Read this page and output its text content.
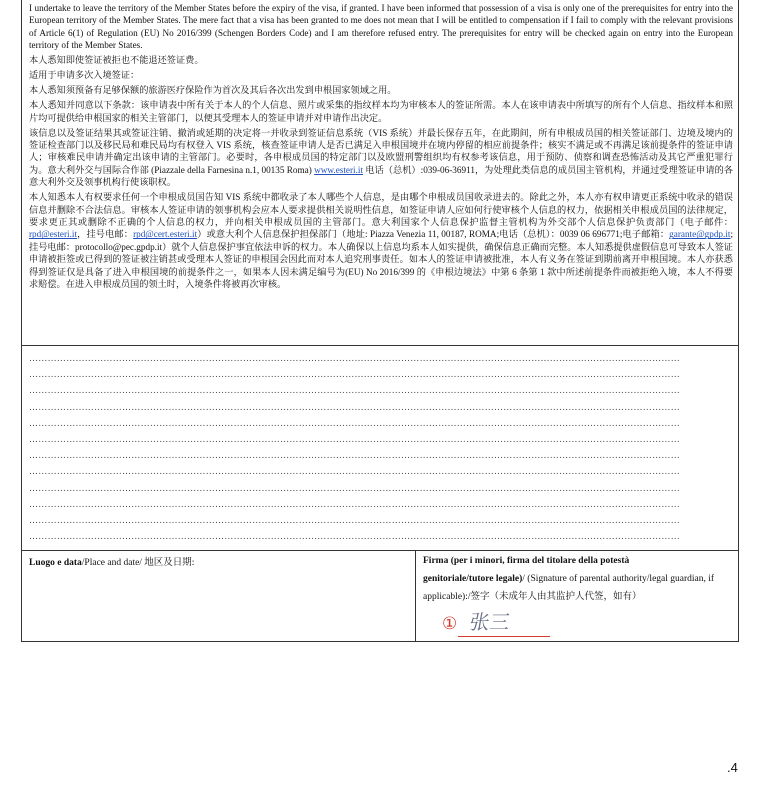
I undertake to leave the territory of the Member States before the expiry of the visa, if granted. I have been informed that possession of a visa is only one of the prerequisites for entry into the European territory of the Member States. The mere fact that a visa has been granted to me does not mean that I will be entitled to compensation if I fail to comply with the relevant provisions of Article 6(1) of Regulation (EU) No 2016/399 (Schengen Borders Code) and I am therefore refused entry. The prerequisites for entry will be checked again on entry into the European territory of the Member States.

本人悉知即使签证被拒也不能退还签证费。

适用于申请多次入境签证：

本人悉知须预备有足够保额的旅游医疗保险作为首次及其后各次出发到申根国家领域之用。

本人悉知并同意以下条款：该申请表中所有关于本人的个人信息、照片或采集的指纹样本均为审核本人的签证所需。本人在该申请表中所填写的所有个人信息、指纹样本和照片均可提供给申根国家的相关主管部门，以便其受理本人的签证申请并对申请作出决定。

该信息以及签证结果其或签证注销、撤消或延期的决定将一并收录到签证信息系统（VIS 系统）并最长保存五年，在此期间，所有申根成员国的相关签证部门、边境及境内的签证检查部门以及移民局和难民局均有权登入 VIS 系统，核查签证申请人是否已满足入申根国境并在境内停留的相应前提条件；核实不满足或不再满足该前提条件的签证申请人；审核难民申请并确定出该申请的主管部门。必要时，各申根成员国的特定部门以及欧盟刑警组织均有权参考该信息，用于预防、侦察和调查恐怖活动及其它严重犯罪行为。意大利外交与国际合作部 (Piazzale della Farnesina n.1, 00135 Roma) www.esteri.it 电话（总机）:039-06-36911，为处理此类信息的成员国主管机构，并通过受理签证申请的各意大利外交及领事机构行使该职权。

本人知悉本人有权要求任何一个申根成员国告知 VIS 系统中都收录了本人哪些个人信息，是由哪个申根成员国收录进去的。除此之外，本人亦有权申请更正系统中收录的错误信息并删除不合法信息。审核本人签证申请的领事机构会应本人要求提供相关说明性信息，如签证申请人应如何行使审核个人信息的权力，依据相关申根成员国的法律规定，要求更正其或删除不正确的个人信息的权力，并向相关申根成员国的主管部门。意大利国家个人信息保护监督主管机构为外交部个人信息保护负责部门（电子邮件：rpd@esteri.it，挂号电邮：rpd@cert.esteri.it）或意大利个人信息保护担保部门（地址: Piazza Venezia 11, 00187, ROMA;电话（总机）：0039 06 696771;电子邮箱：garante@gpdp.it; 挂号电邮：protocollo@pec.gpdp.it）就个人信息保护事宜依法申诉的权力。本人确保以上信息均系本人如实提供，确保信息正确而完整。本人知悉提供虚假信息可导致本人签证申请被拒签或已得到的签证被注销甚或受理本人签证的申根国会因此而对本人追究刑事责任。如本人的签证申请被批准，本人有义务在签证到期前离开申根国境。本人亦获悉得到签证仅是具备了进入申根国境的前提条件之一，如果本人因未满足编号为(EU) No 2016/399 的《申根边境法》中第 6 条第 1 款中所述前提条件而被拒绝入境，本人不得要求赔偿。在进入申根成员国的领土时，入境条件将被再次审核。

…………………………………………………………………………………………………………………………………………………………………………………………
…………………………………………………………………………………………………………………………………………………………………………………………
…………………………………………………………………………………………………………………………………………………………………………………………
…………………………………………………………………………………………………………………………………………………………………………………………
…………………………………………………………………………………………………………………………………………………………………………………………
…………………………………………………………………………………………………………………………………………………………………………………………
…………………………………………………………………………………………………………………………………………………………………………………………
…………………………………………………………………………………………………………………………………………………………………………………………
…………………………………………………………………………………………………………………………………………………………………………………………
…………………………………………………………………………………………………………………………………………………………………………………………
…………………………………………………………………………………………………………………………………………………………………………………………
…………………………………………………………………………………………………………………………………………………………………………………………
Luogo e data/Place and date/ 地区及日期:	Firma (per i minori, firma del titolare della potestà
genitoriale/tutore legale)/ (Signature of parental authority/legal guardian, if applicable):/签字（未成年人由其监护人代签，如有）
① 张三
.4
